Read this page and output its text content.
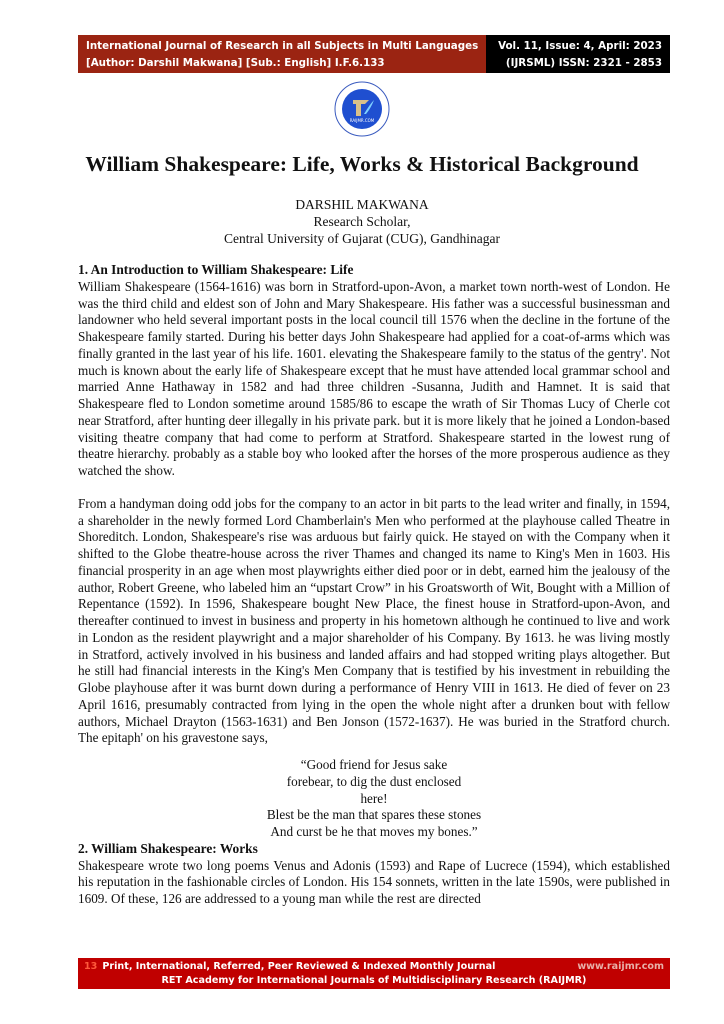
International Journal of Research in all Subjects in Multi Languages
[Author: Darshil Makwana] [Sub.: English] I.F.6.133
Vol. 11, Issue: 4, April: 2023
(IJRSML) ISSN: 2321 - 2853
RAIJMR.COM
William Shakespeare: Life, Works & Historical Background
DARSHIL MAKWANA
Research Scholar,
Central University of Gujarat (CUG), Gandhinagar
1. An Introduction to William Shakespeare: Life

William Shakespeare (1564-1616) was born in Stratford-upon-Avon, a market town north-west of London. He was the third child and eldest son of John and Mary Shakespeare. His father was a successful businessman and landowner who held several important posts in the local council till 1576 when the decline in the fortune of the Shakespeare family started. During his better days John Shakespeare had applied for a coat-of-arms which was finally granted in the last year of his life. 1601. elevating the Shakespeare family to the status of the gentry'. Not much is known about the early life of Shakespeare except that he must have attended local grammar school and married Anne Hathaway in 1582 and had three children -Susanna, Judith and Hamnet. It is said that Shakespeare fled to London sometime around 1585/86 to escape the wrath of Sir Thomas Lucy of Cherle cot near Stratford, after hunting deer illegally in his private park. but it is more likely that he joined a London-based visiting theatre company that had come to perform at Stratford. Shakespeare started in the lowest rung of theatre hierarchy. probably as a stable boy who looked after the horses of the more prosperous audience as they watched the show.

From a handyman doing odd jobs for the company to an actor in bit parts to the lead writer and finally, in 1594, a shareholder in the newly formed Lord Chamberlain's Men who performed at the playhouse called Theatre in Shoreditch. London, Shakespeare's rise was arduous but fairly quick. He stayed on with the Company when it shifted to the Globe theatre-house across the river Thames and changed its name to King's Men in 1603. His financial prosperity in an age when most playwrights either died poor or in debt, earned him the jealousy of the author, Robert Greene, who labeled him an “upstart Crow” in his Groatsworth of Wit, Bought with a Million of Repentance (1592). In 1596, Shakespeare bought New Place, the finest house in Stratford-upon-Avon, and thereafter continued to invest in business and property in his hometown although he continued to live and work in London as the resident playwright and a major shareholder of his Company. By 1613. he was living mostly in Stratford, actively involved in his business and landed affairs and had stopped writing plays altogether. But he still had financial interests in the King's Men Company that is testified by his investment in rebuilding the Globe playhouse after it was burnt down during a performance of Henry VIII in 1613. He died of fever on 23 April 1616, presumably contracted from lying in the open the whole night after a drunken bout with fellow authors, Michael Drayton (1563-1631) and Ben Jonson (1572-1637). He was buried in the Stratford church. The epitaph' on his gravestone says,

“Good friend for Jesus sake
forebear, to dig the dust enclosed
here!
Blest be the man that spares these stones
And curst be he that moves my bones.”
2. William Shakespeare: Works

Shakespeare wrote two long poems Venus and Adonis (1593) and Rape of Lucrece (1594), which established his reputation in the fashionable circles of London. His 154 sonnets, written in the late 1590s, were published in 1609. Of these, 126 are addressed to a young man while the rest are directed

13 Print, International, Referred, Peer Reviewed & Indexed Monthly Journal	www.raijmr.com
RET Academy for International Journals of Multidisciplinary Research (RAIJMR)
